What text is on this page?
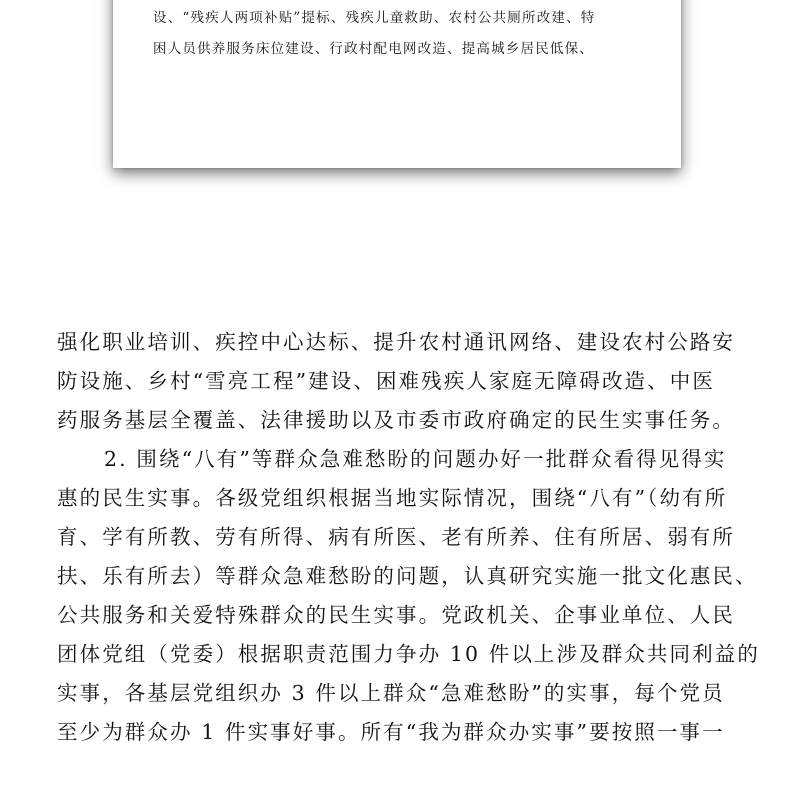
设、“残疾人两项补贴”提标、残疾儿童救助、农村公共厕所改建、特
困人员供养服务床位建设、行政村配电网改造、提高城乡居民低保、
强化职业培训、疾控中心达标、提升农村通讯网络、建设农村公路安
防设施、乡村“雪亮工程”建设、困难残疾人家庭无障碍改造、中医
药服务基层全覆盖、法律援助以及市委市政府确定的民生实事任务。
2. 围绕“八有”等群众急难愁盼的问题办好一批群众看得见得实
惠的民生实事。各级党组织根据当地实际情况，围绕“八有”（幼有所
育、学有所教、劳有所得、病有所医、老有所养、住有所居、弱有所
扶、乐有所去）等群众急难愁盼的问题，认真研究实施一批文化惠民、
公共服务和关爱特殊群众的民生实事。党政机关、企事业单位、人民
团体党组（党委）根据职责范围力争办 10 件以上涉及群众共同利益的
实事，各基层党组织办 3 件以上群众“急难愁盼”的实事，每个党员
至少为群众办 1 件实事好事。所有“我为群众办实事”要按照一事一
